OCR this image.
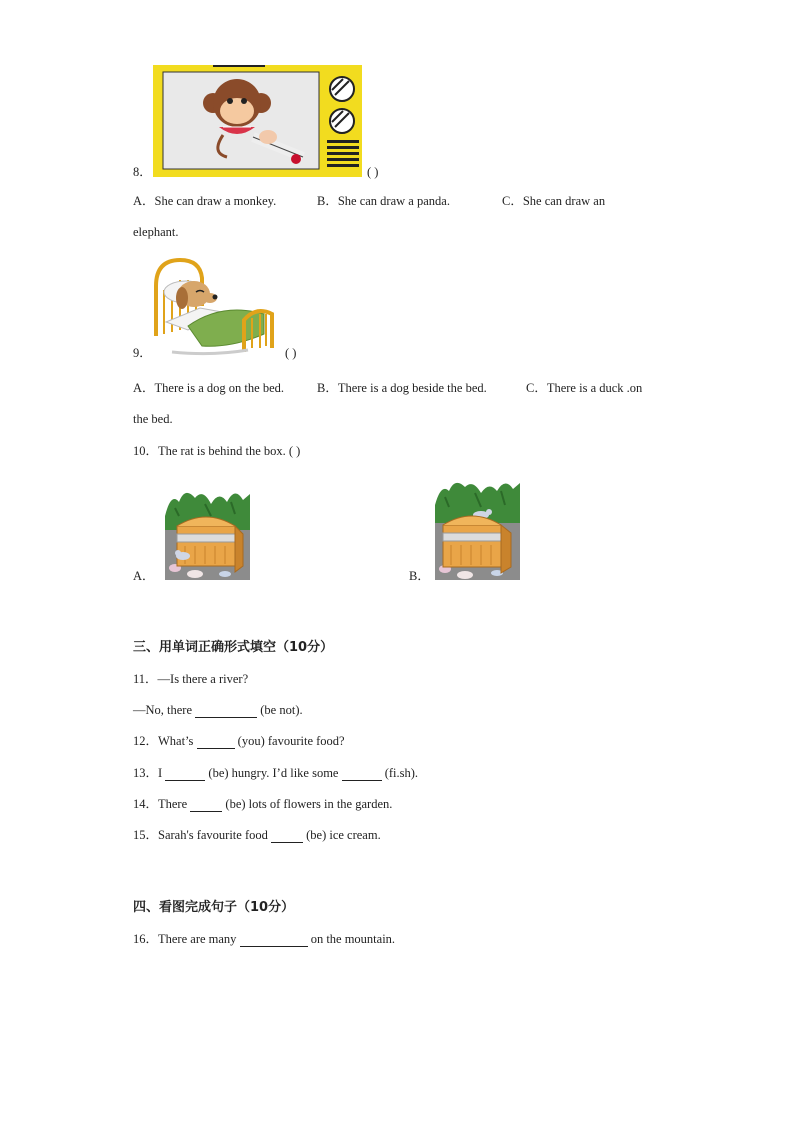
8．	( )
A．She can draw a monkey.	B．She can draw a panda.	C．She can draw an
elephant.
9．	( )
A．There is a dog on the bed.	B．There is a dog beside the bed.	C．There is a duck .on
the bed.
10．The rat is behind the box. ( )
A．	B．
三、用单词正确形式填空（10分）
11．—Is there a river?
—No, there	(be not).
12．What’s	(you) favourite food?
13．I	(be) hungry. I’d like some	(fi.sh).
14．There	(be) lots of flowers in the garden.
15．Sarah's favourite food	(be) ice cream.
四、看图完成句子（10分）
16．There are many	on the mountain.
